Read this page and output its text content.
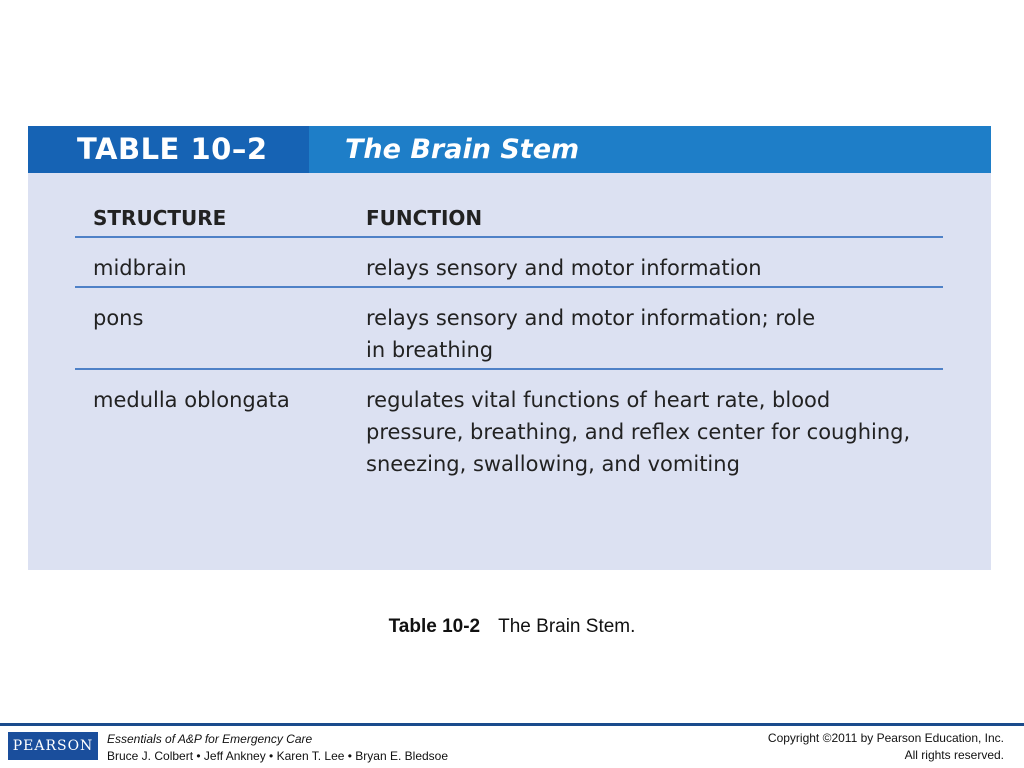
TABLE 10–2	The Brain Stem
STRUCTURE	FUNCTION
midbrain	relays sensory and motor information
pons	relays sensory and motor information; role
in breathing
medulla oblongata	regulates vital functions of heart rate, blood
pressure, breathing, and reflex center for coughing,
sneezing, swallowing, and vomiting
Table 10-2 The Brain Stem.
PEARSON	Essentials of A&P for Emergency Care
Bruce J. Colbert • Jeff Ankney • Karen T. Lee • Bryan E. Bledsoe
Copyright ©2011 by Pearson Education, Inc.
All rights reserved.
